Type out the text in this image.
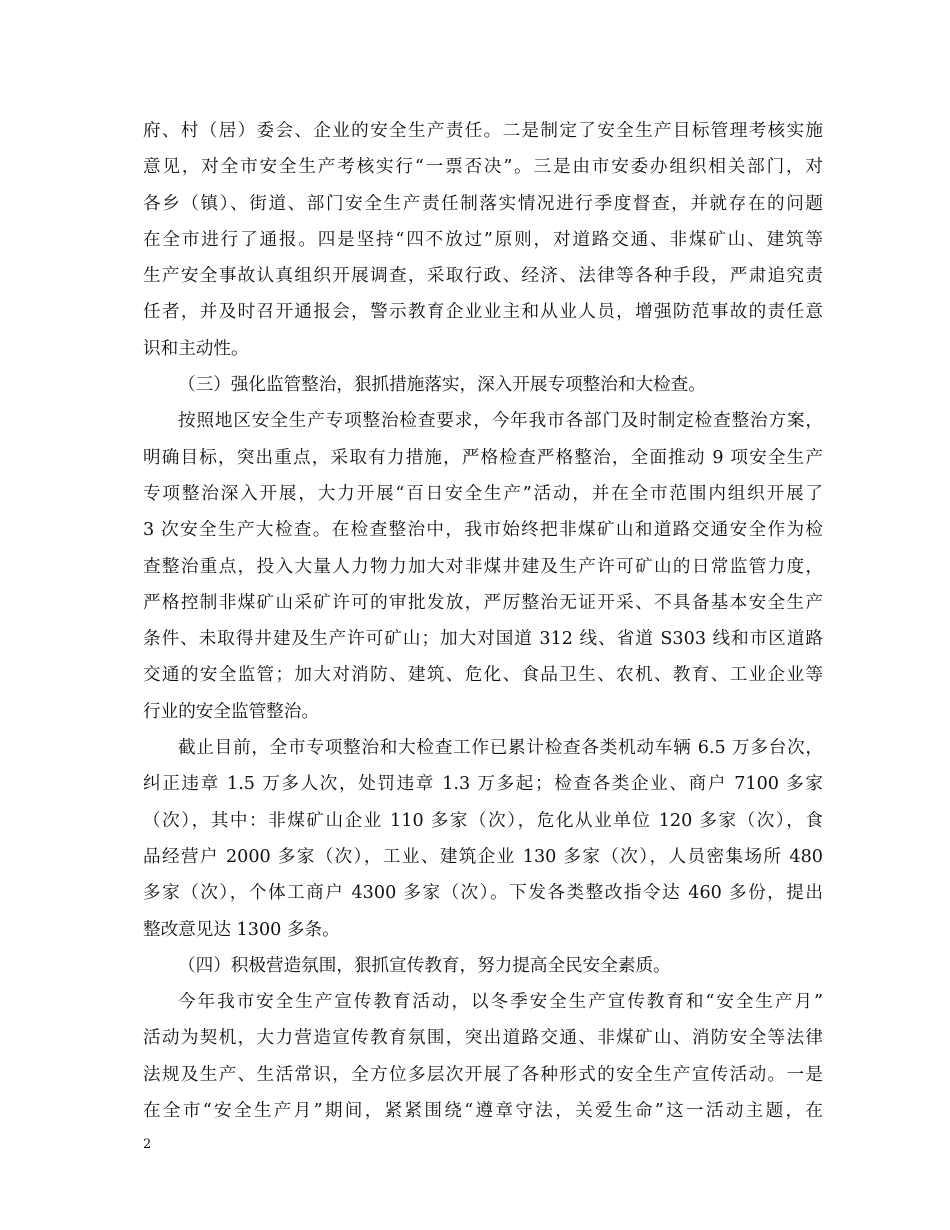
府、村（居）委会、企业的安全生产责任。二是制定了安全生产目标管理考核实施
意见，对全市安全生产考核实行“一票否决”。三是由市安委办组织相关部门，对
各乡（镇）、街道、部门安全生产责任制落实情况进行季度督查，并就存在的问题
在全市进行了通报。四是坚持“四不放过”原则，对道路交通、非煤矿山、建筑等
生产安全事故认真组织开展调查，采取行政、经济、法律等各种手段，严肃追究责
任者，并及时召开通报会，警示教育企业业主和从业人员，增强防范事故的责任意
识和主动性。
（三）强化监管整治，狠抓措施落实，深入开展专项整治和大检查。
按照地区安全生产专项整治检查要求，今年我市各部门及时制定检查整治方案，
明确目标，突出重点，采取有力措施，严格检查严格整治，全面推动 9 项安全生产
专项整治深入开展，大力开展“百日安全生产”活动，并在全市范围内组织开展了
3 次安全生产大检查。在检查整治中，我市始终把非煤矿山和道路交通安全作为检
查整治重点，投入大量人力物力加大对非煤井建及生产许可矿山的日常监管力度，
严格控制非煤矿山采矿许可的审批发放，严厉整治无证开采、不具备基本安全生产
条件、未取得井建及生产许可矿山；加大对国道 312 线、省道 S303 线和市区道路
交通的安全监管；加大对消防、建筑、危化、食品卫生、农机、教育、工业企业等
行业的安全监管整治。
截止目前，全市专项整治和大检查工作已累计检查各类机动车辆 6.5 万多台次，
纠正违章 1.5 万多人次，处罚违章 1.3 万多起；检查各类企业、商户 7100 多家
（次），其中：非煤矿山企业 110 多家（次），危化从业单位 120 多家（次），食
品经营户 2000 多家（次），工业、建筑企业 130 多家（次），人员密集场所 480
多家（次），个体工商户 4300 多家（次）。下发各类整改指令达 460 多份，提出
整改意见达 1300 多条。
（四）积极营造氛围，狠抓宣传教育，努力提高全民安全素质。
今年我市安全生产宣传教育活动，以冬季安全生产宣传教育和“安全生产月”
活动为契机，大力营造宣传教育氛围，突出道路交通、非煤矿山、消防安全等法律
法规及生产、生活常识，全方位多层次开展了各种形式的安全生产宣传活动。一是
在全市“安全生产月”期间，紧紧围绕“遵章守法，关爱生命”这一活动主题，在
2
